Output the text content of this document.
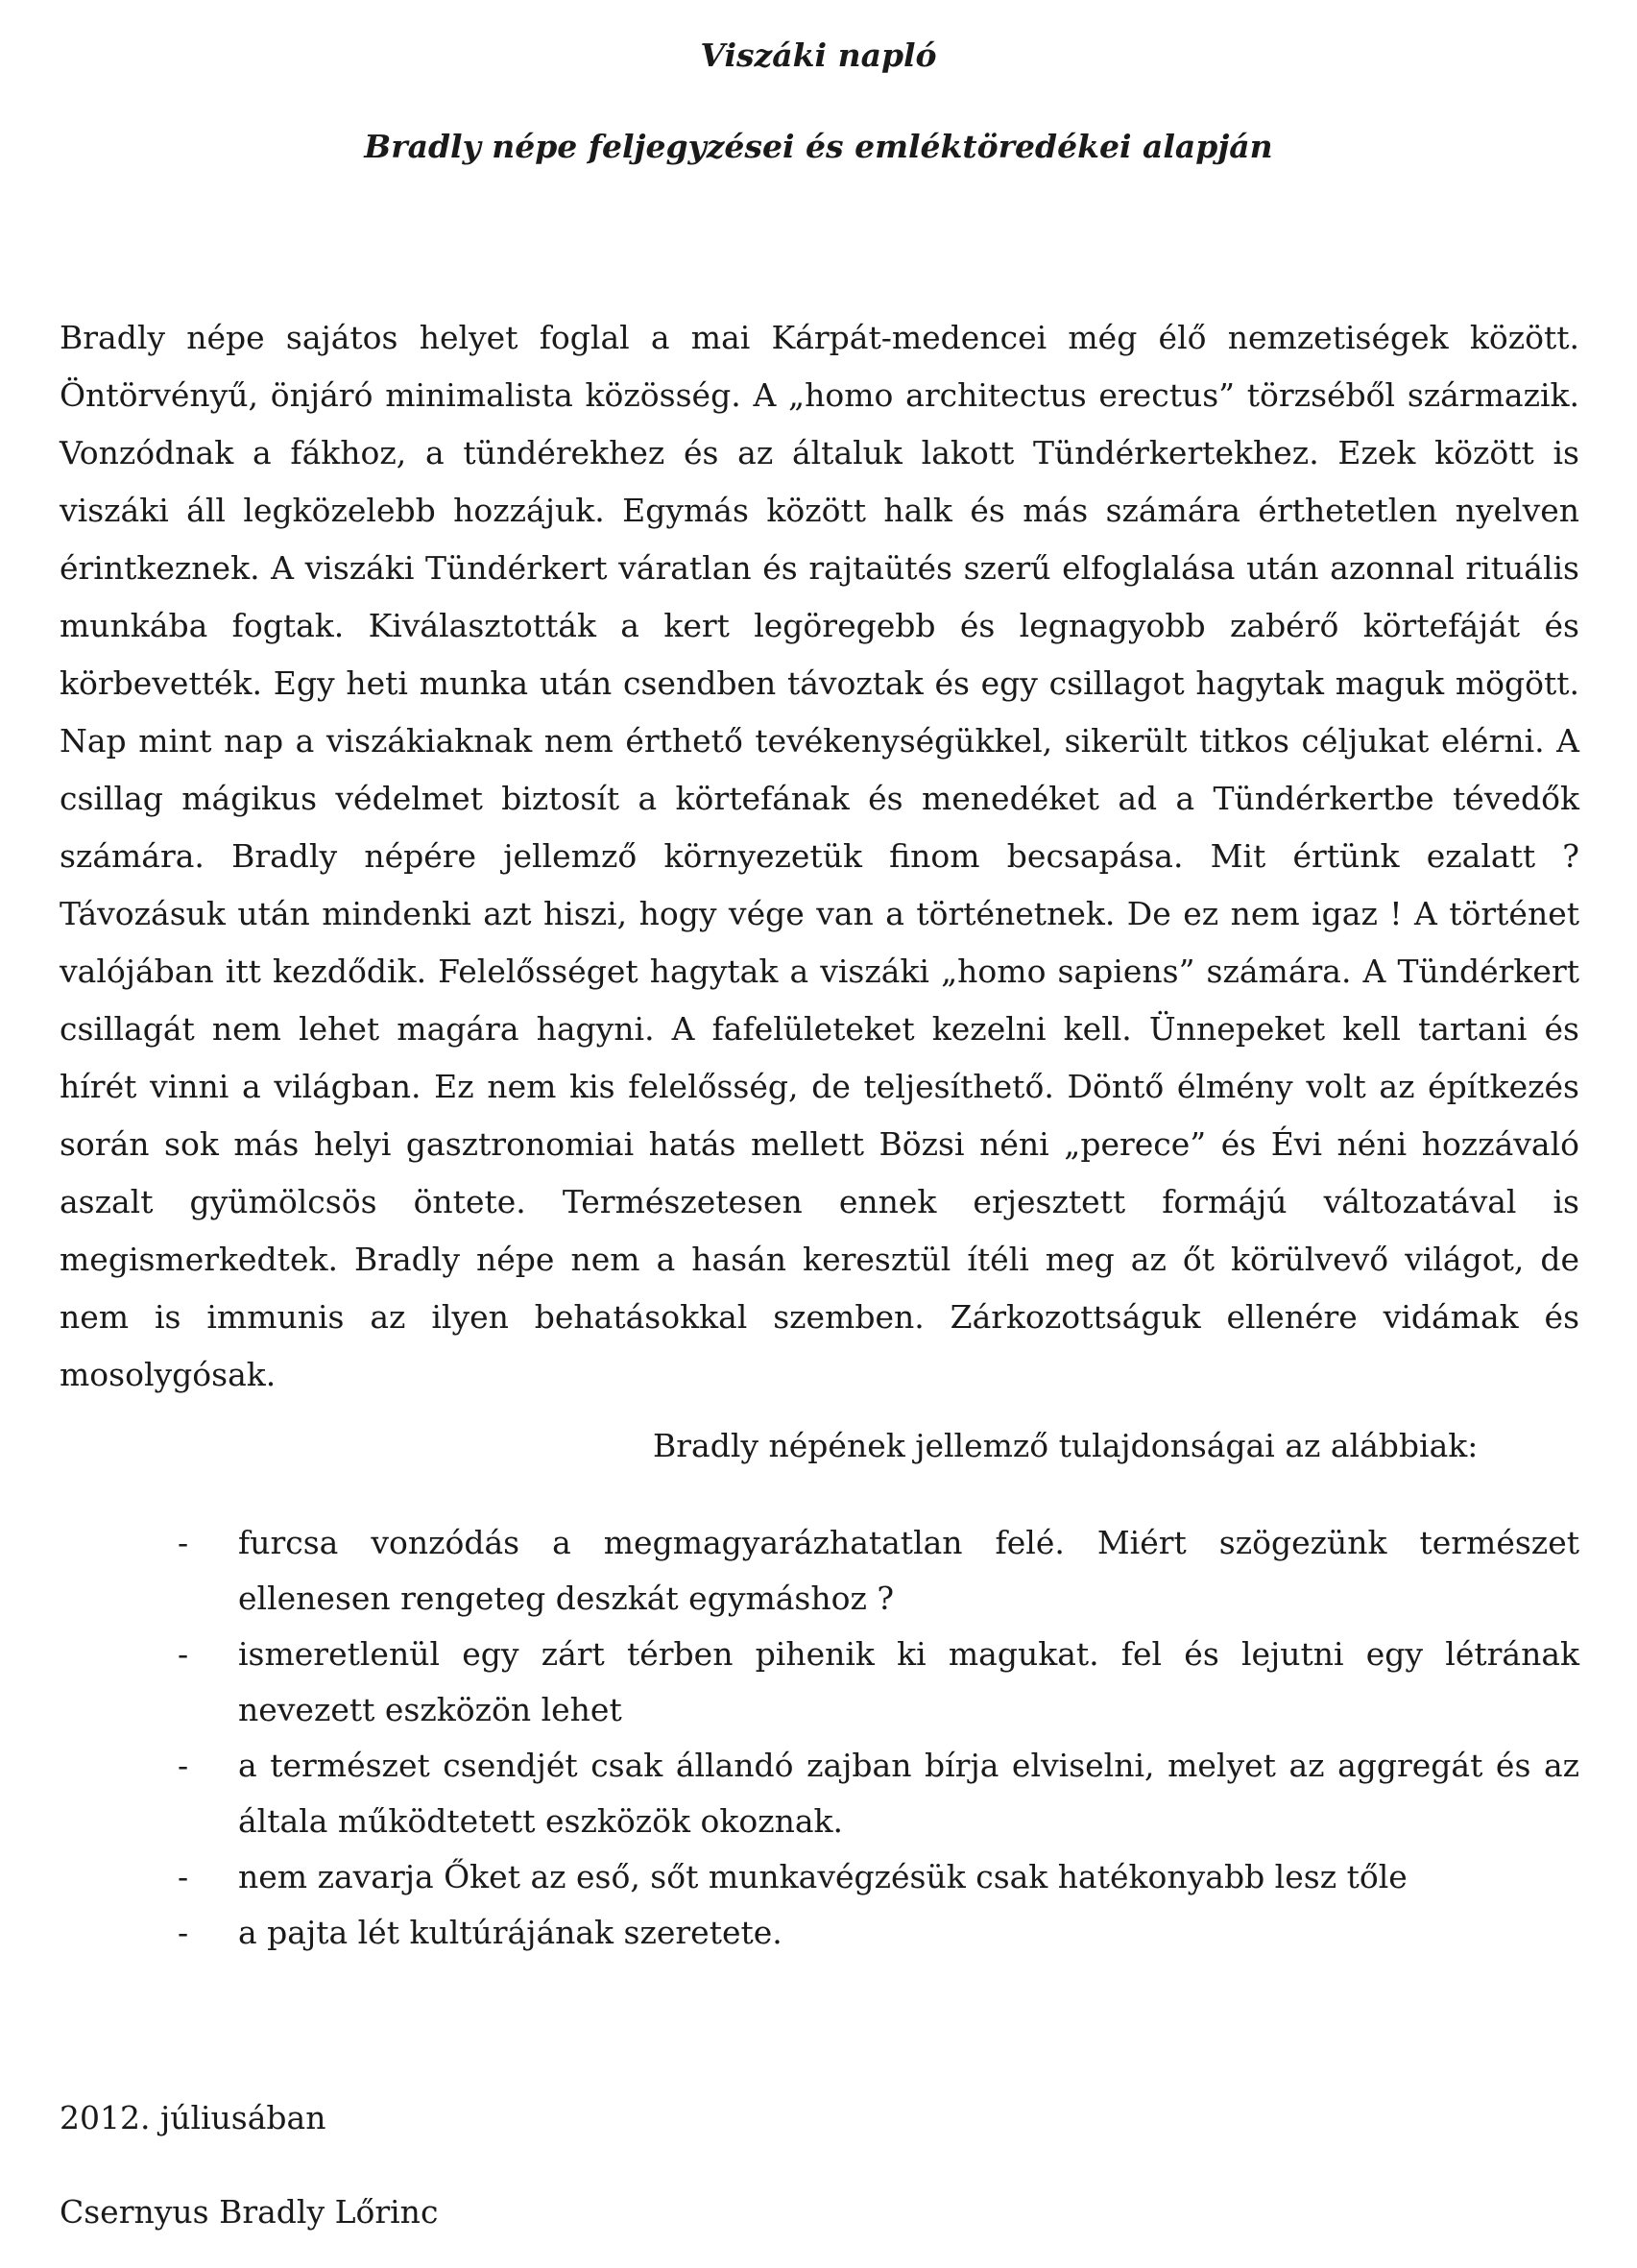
Viszáki napló
Bradly népe feljegyzései és emléktöredékei alapján

Bradly népe sajátos helyet foglal a mai Kárpát-medencei még élő nemzetiségek között. Öntörvényű, önjáró minimalista közösség. A „homo architectus erectus” törzséből származik. Vonzódnak a fákhoz, a tündérekhez és az általuk lakott Tündérkertekhez. Ezek között is viszáki áll legközelebb hozzájuk. Egymás között halk és más számára érthetetlen nyelven érintkeznek. A viszáki Tündérkert váratlan és rajtaütés szerű elfoglalása után azonnal rituális munkába fogtak. Kiválasztották a kert legöregebb és legnagyobb zabérő körtefáját és körbevették. Egy heti munka után csendben távoztak és egy csillagot hagytak maguk mögött. Nap mint nap a viszákiaknak nem érthető tevékenységükkel, sikerült titkos céljukat elérni. A csillag mágikus védelmet biztosít a körtefának és menedéket ad a Tündérkertbe tévedők számára. Bradly népére jellemző környezetük finom becsapása. Mit értünk ezalatt ? Távozásuk után mindenki azt hiszi, hogy vége van a történetnek. De ez nem igaz ! A történet valójában itt kezdődik. Felelősséget hagytak a viszáki „homo sapiens” számára. A Tündérkert csillagát nem lehet magára hagyni. A fafelületeket kezelni kell. Ünnepeket kell tartani és hírét vinni a világban. Ez nem kis felelősség, de teljesíthető. Döntő élmény volt az építkezés során sok más helyi gasztronomiai hatás mellett Bözsi néni „perece” és Évi néni hozzávaló aszalt gyümölcsös öntete. Természetesen ennek erjesztett formájú változatával is megismerkedtek. Bradly népe nem a hasán keresztül ítéli meg az őt körülvevő világot, de nem is immunis az ilyen behatásokkal szemben. Zárkozottságuk ellenére vidámak és mosolygósak.

Bradly népének jellemző tulajdonságai az alábbiak:

- furcsa vonzódás a megmagyarázhatatlan felé. Miért szögezünk természet ellenesen rengeteg deszkát egymáshoz ?
- ismeretlenül egy zárt térben pihenik ki magukat. fel és lejutni egy létrának nevezett eszközön lehet
- a természet csendjét csak állandó zajban bírja elviselni, melyet az aggregát és az általa működtetett eszközök okoznak.
- nem zavarja Őket az eső, sőt munkavégzésük csak hatékonyabb lesz tőle
- a pajta lét kultúrájának szeretete.

2012. júliusában

Csernyus Bradly Lőrinc
